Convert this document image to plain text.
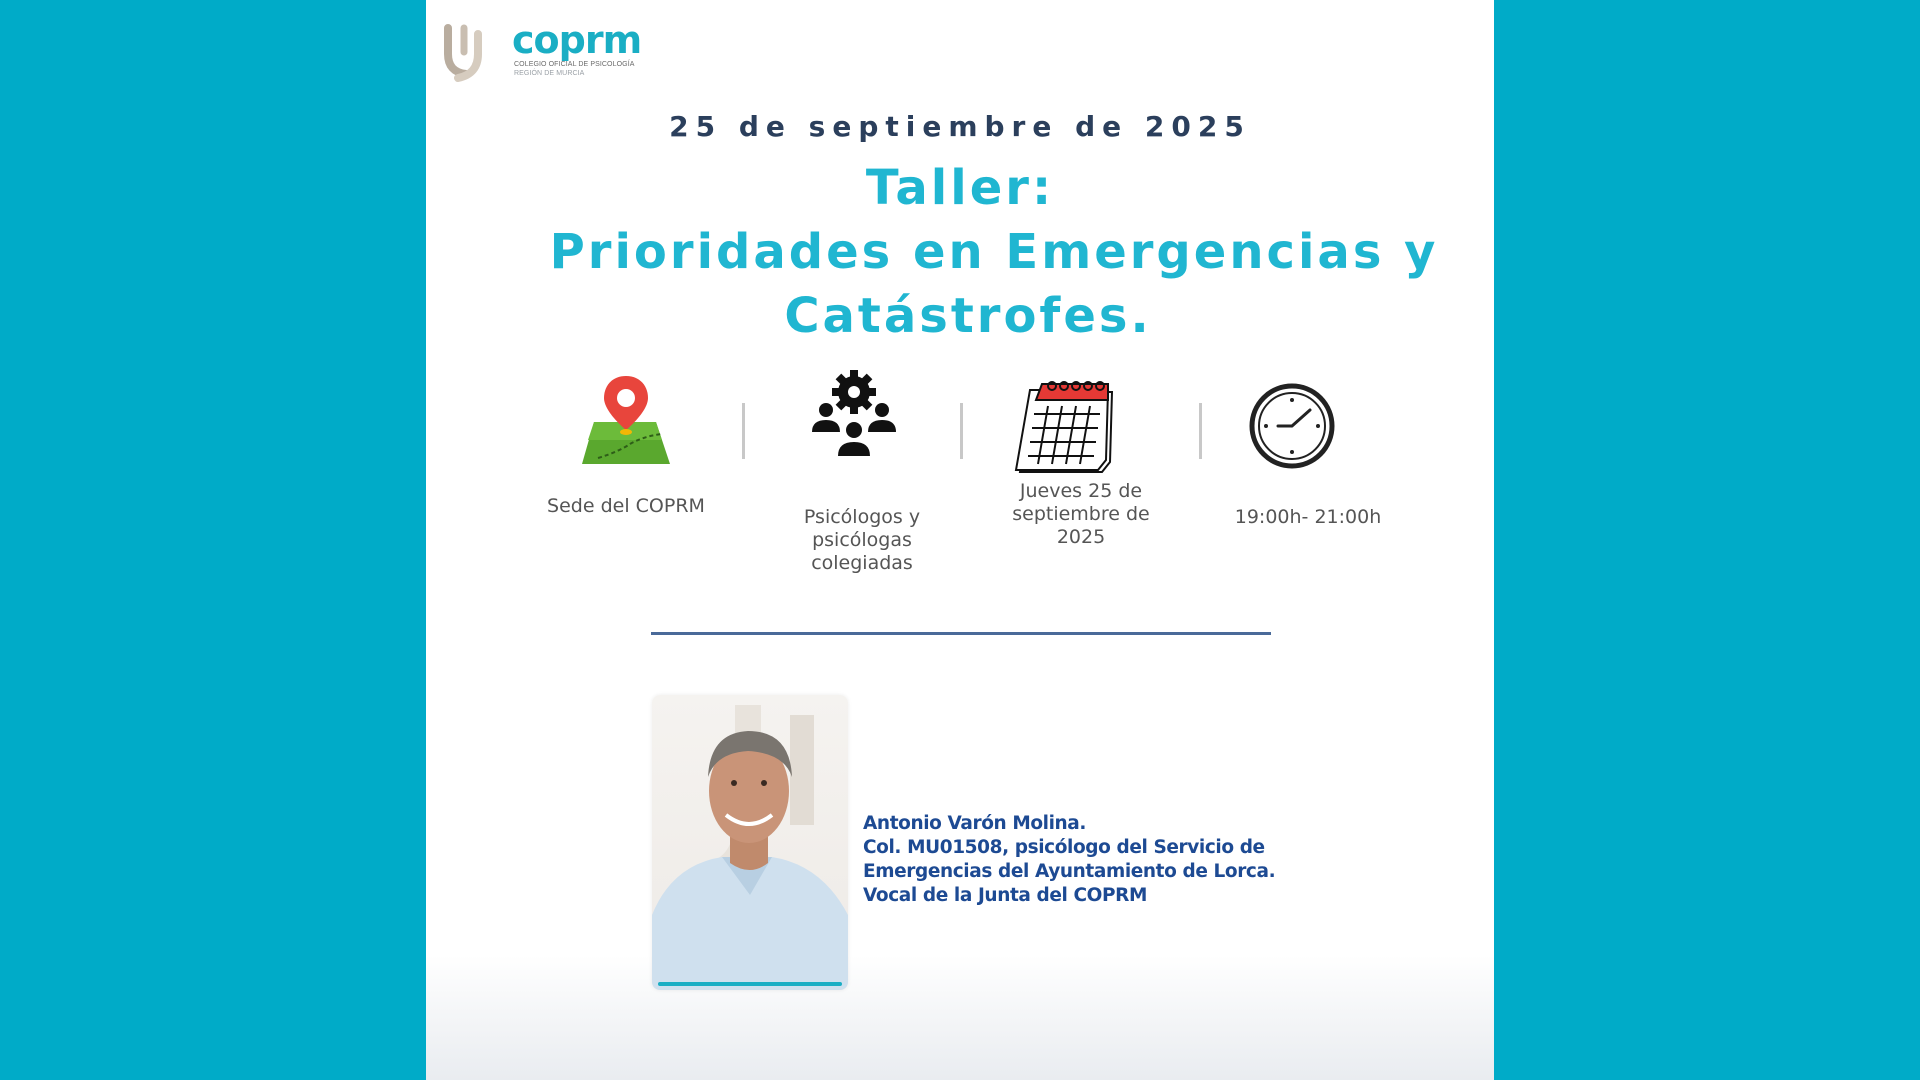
coprm
COLEGIO OFICIAL DE PSICOLOGÍA
REGIÓN DE MURCIA
25 de septiembre de 2025
Taller:
Prioridades en Emergencias y
Catástrofes.
Sede del COPRM	Psicólogos y
psicólogas
colegiadas
Jueves 25 de
septiembre de
2025
19:00h- 21:00h
Antonio Varón Molina.
Col. MU01508, psicólogo del Servicio de
Emergencias del Ayuntamiento de Lorca.
Vocal de la Junta del COPRM
